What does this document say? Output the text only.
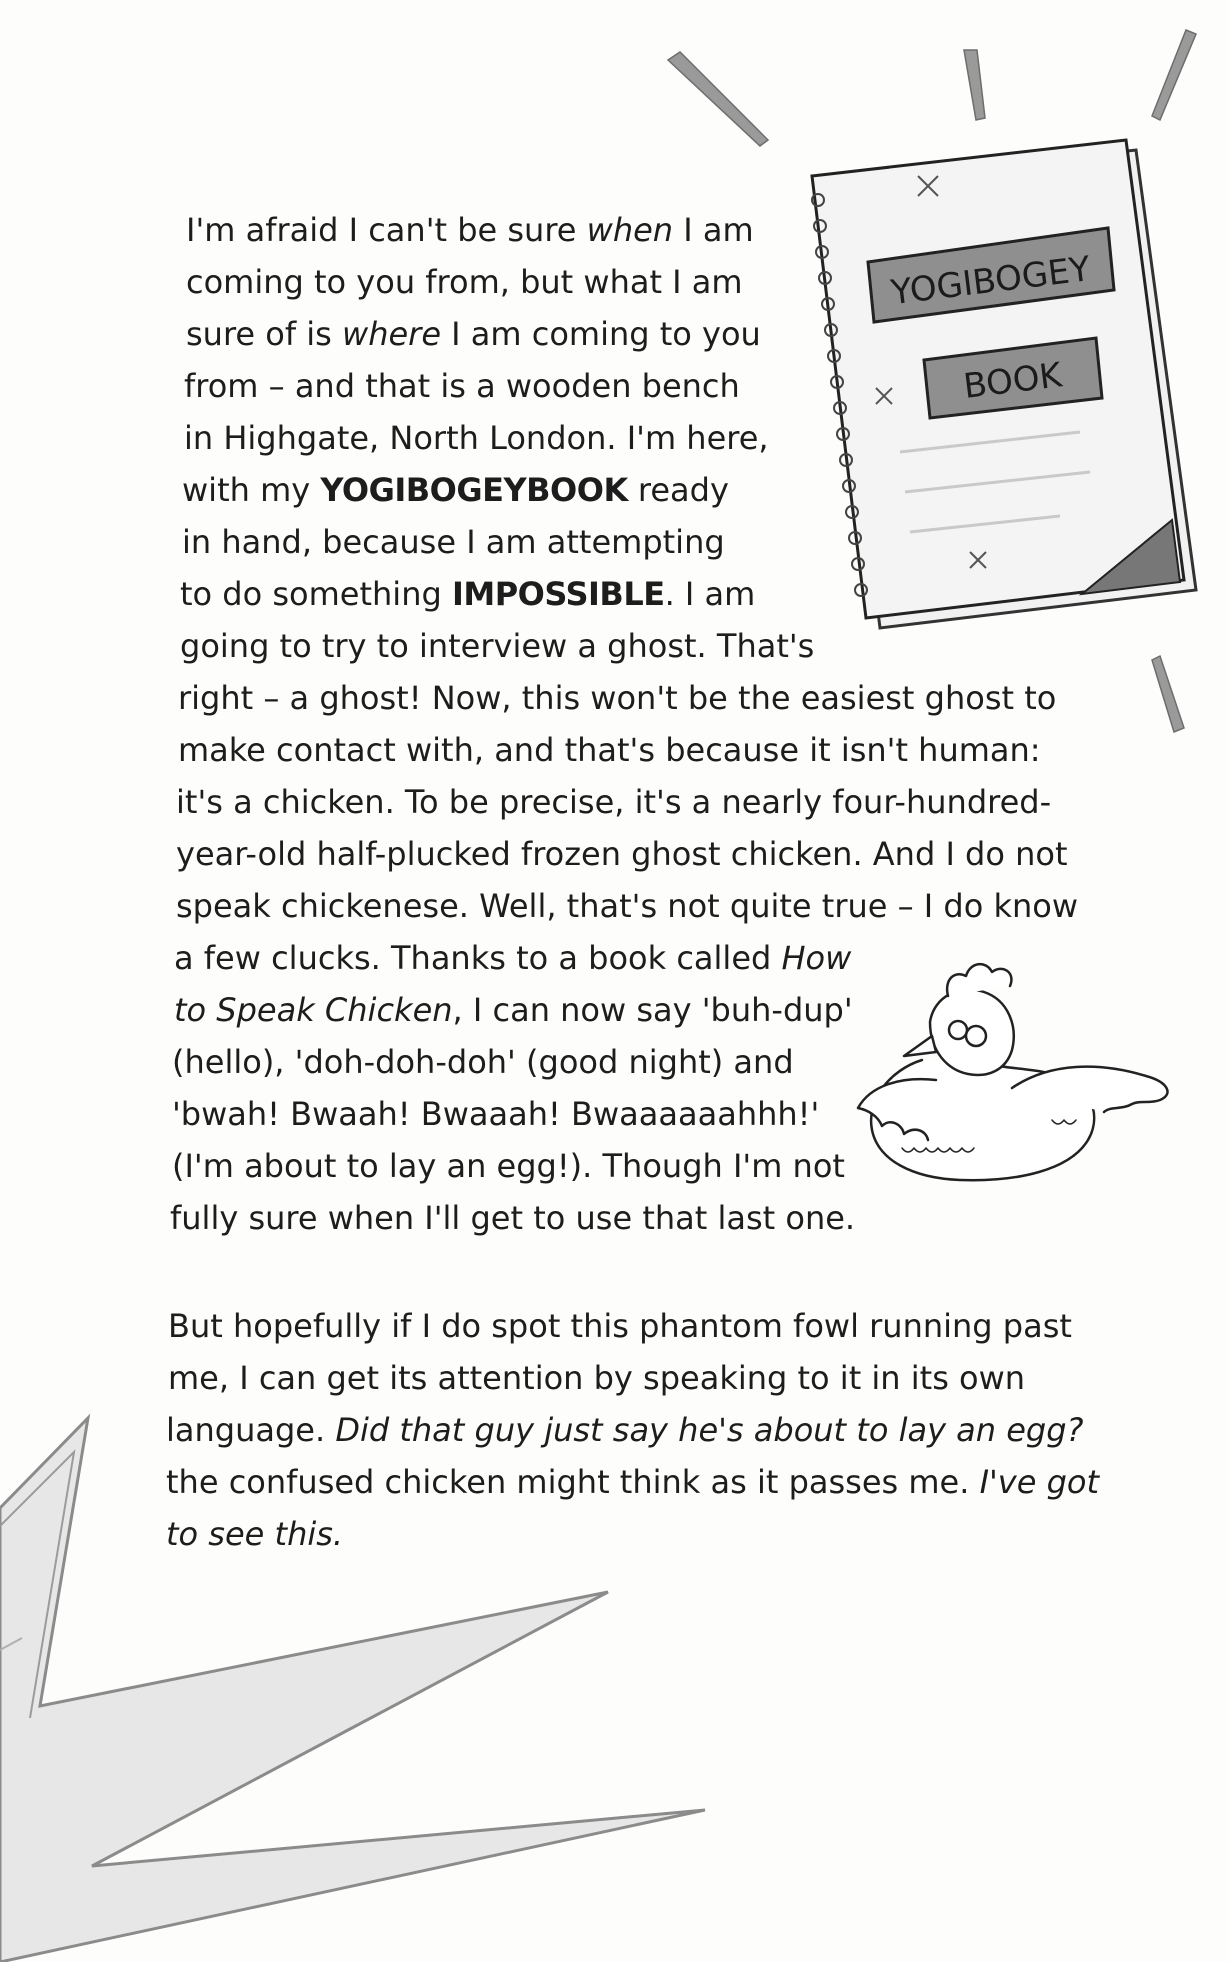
YOGIBOGEY
BOOK
I'm afraid I can't be sure when I am
coming to you from, but what I am
sure of is where I am coming to you
from – and that is a wooden bench
in Highgate, North London. I'm here,
with my YOGIBOGEYBOOK ready
in hand, because I am attempting
to do something IMPOSSIBLE. I am
going to try to interview a ghost. That's
right – a ghost! Now, this won't be the easiest ghost to
make contact with, and that's because it isn't human:
it's a chicken. To be precise, it's a nearly four-hundred-
year-old half-plucked frozen ghost chicken. And I do not
speak chickenese. Well, that's not quite true – I do know
a few clucks. Thanks to a book called How
to Speak Chicken, I can now say 'buh-dup'
(hello), 'doh-doh-doh' (good night) and
'bwah! Bwaah! Bwaaah! Bwaaaaaahhh!'
(I'm about to lay an egg!). Though I'm not
fully sure when I'll get to use that last one.
But hopefully if I do spot this phantom fowl running past
me, I can get its attention by speaking to it in its own
language. Did that guy just say he's about to lay an egg?
the confused chicken might think as it passes me. I've got
to see this.
